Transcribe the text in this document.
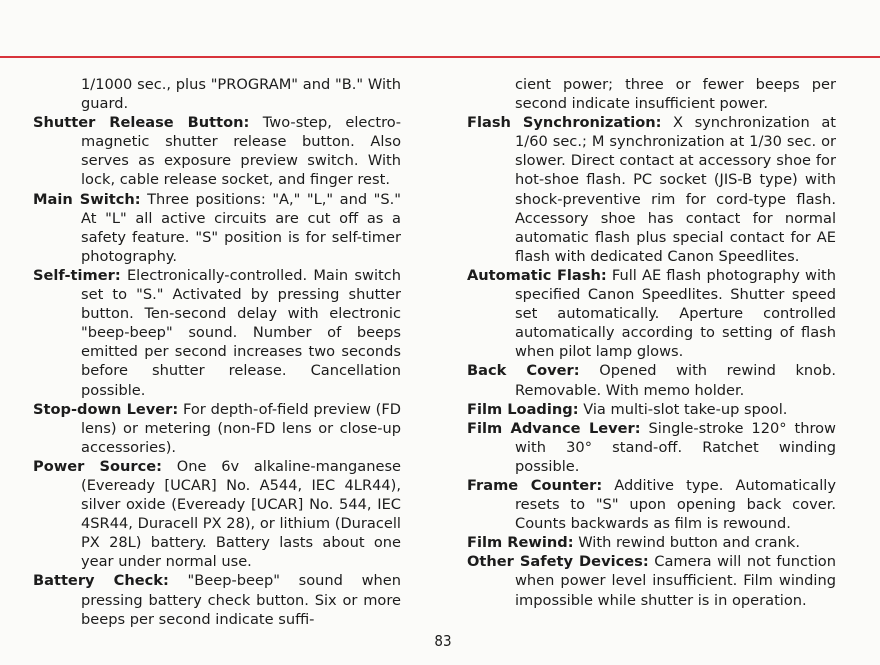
1/1000 sec., plus "PROGRAM" and "B." With guard.

Shutter Release Button: Two-step, electromagnetic shutter release button. Also serves as exposure preview switch. With lock, cable release socket, and finger rest.

Main Switch: Three positions: "A," "L," and "S." At "L" all active circuits are cut off as a safety feature. "S" position is for self-timer photography.

Self-timer: Electronically-controlled. Main switch set to "S." Activated by pressing shutter button. Ten-second delay with electronic "beep-beep" sound. Number of beeps emitted per second increases two seconds before shutter release. Cancellation possible.

Stop-down Lever: For depth-of-field preview (FD lens) or metering (non-FD lens or close-up accessories).

Power Source: One 6v alkaline-manganese (Eveready [UCAR] No. A544, IEC 4LR44), silver oxide (Eveready [UCAR] No. 544, IEC 4SR44, Duracell PX 28), or lithium (Duracell PX 28L) battery. Battery lasts about one year under normal use.

Battery Check: "Beep-beep" sound when pressing battery check button. Six or more beeps per second indicate suffi-

cient power; three or fewer beeps per second indicate insufficient power.

Flash Synchronization: X synchronization at 1/60 sec.; M synchronization at 1/30 sec. or slower. Direct contact at accessory shoe for hot-shoe flash. PC socket (JIS-B type) with shock-preventive rim for cord-type flash. Accessory shoe has contact for normal automatic flash plus special contact for AE flash with dedicated Canon Speedlites.

Automatic Flash: Full AE flash photography with specified Canon Speedlites. Shutter speed set automatically. Aperture controlled automatically according to setting of flash when pilot lamp glows.

Back Cover: Opened with rewind knob. Removable. With memo holder.

Film Loading: Via multi-slot take-up spool.

Film Advance Lever: Single-stroke 120° throw with 30° stand-off. Ratchet winding possible.

Frame Counter: Additive type. Automatically resets to "S" upon opening back cover. Counts backwards as film is rewound.

Film Rewind: With rewind button and crank.

Other Safety Devices: Camera will not function when power level insufficient. Film winding impossible while shutter is in operation.

83
